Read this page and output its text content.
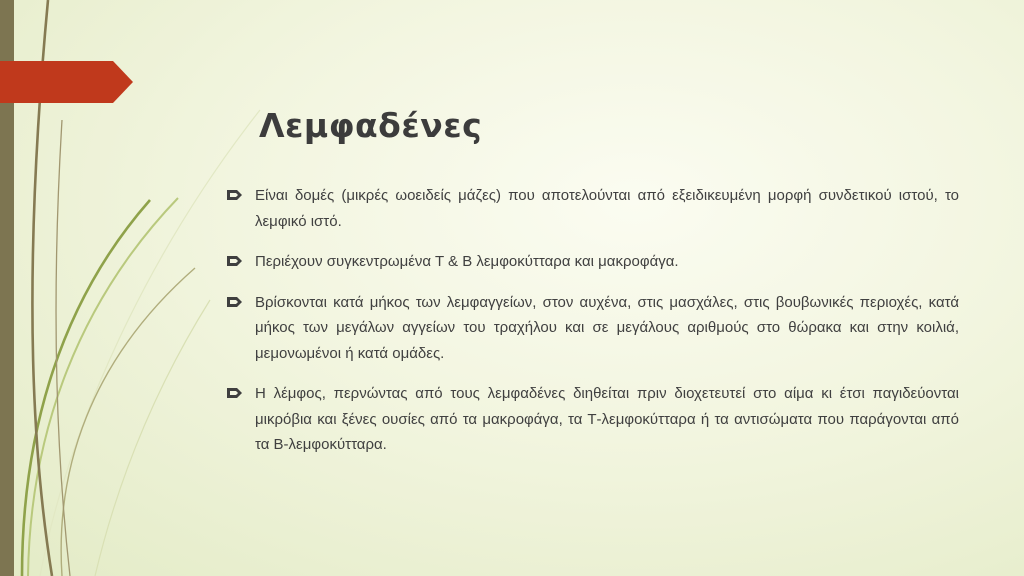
Λεμφαδένες
Είναι δομές (μικρές ωοειδείς μάζες) που αποτελούνται από εξειδικευμένη μορφή συνδετικού ιστού, το λεμφικό ιστό.
Περιέχουν συγκεντρωμένα Τ & Β λεμφοκύτταρα και μακροφάγα.
Βρίσκονται κατά μήκος των λεμφαγγείων, στον αυχένα, στις μασχάλες, στις βουβωνικές περιοχές, κατά μήκος των μεγάλων αγγείων του τραχήλου και σε μεγάλους αριθμούς στο θώρακα και στην κοιλιά, μεμονωμένοι ή κατά ομάδες.
Η λέμφος, περνώντας από τους λεμφαδένες διηθείται πριν διοχετευτεί στο αίμα κι έτσι παγιδεύονται μικρόβια και ξένες ουσίες από τα μακροφάγα, τα Τ-λεμφοκύτταρα ή τα αντισώματα που παράγονται από τα Β-λεμφοκύτταρα.
